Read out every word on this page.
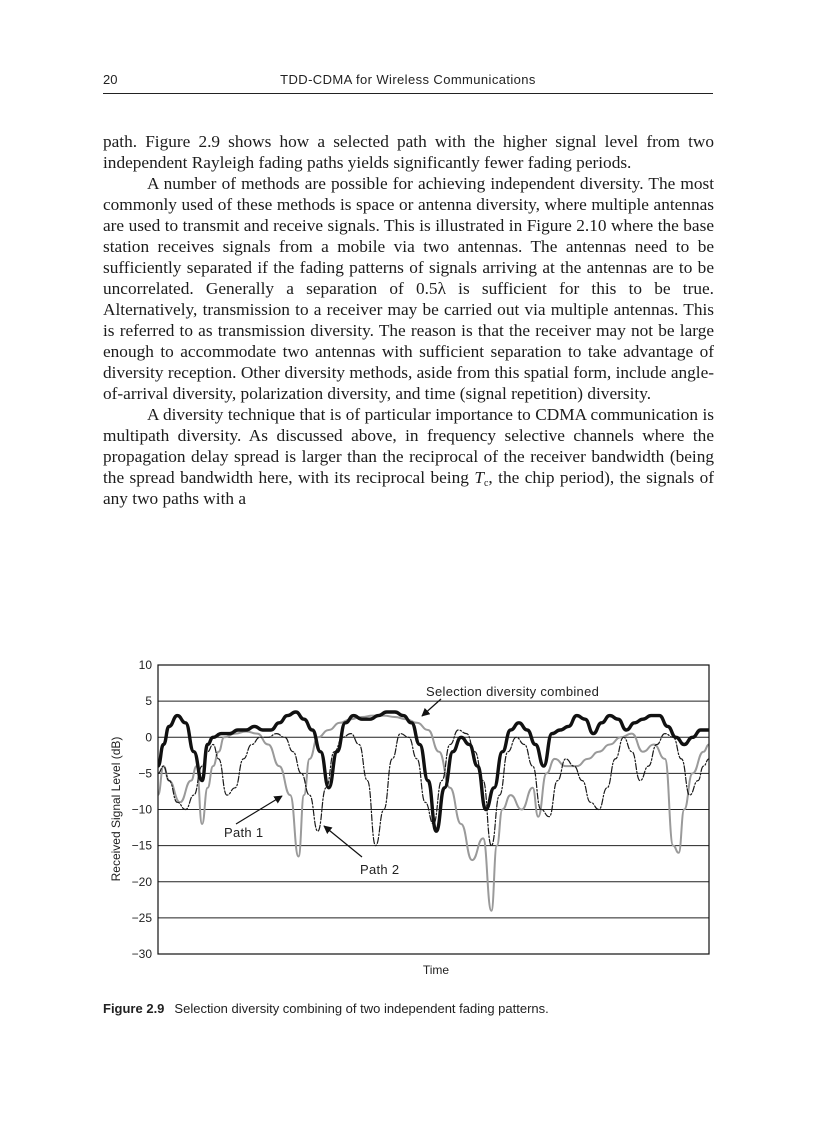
20	TDD-CDMA for Wireless Communications

path. Figure 2.9 shows how a selected path with the higher signal level from two independent Rayleigh fading paths yields significantly fewer fading periods.

A number of methods are possible for achieving independent diversity. The most commonly used of these methods is space or antenna diversity, where multiple antennas are used to transmit and receive signals. This is illustrated in Figure 2.10 where the base station receives signals from a mobile via two antennas. The antennas need to be sufficiently separated if the fading patterns of signals arriving at the antennas are to be uncorrelated. Generally a separation of 0.5λ is sufficient for this to be true. Alternatively, transmission to a receiver may be carried out via multiple antennas. This is referred to as transmission diversity. The reason is that the receiver may not be large enough to accommodate two antennas with sufficient separation to take advantage of diversity reception. Other diversity methods, aside from this spatial form, include angle-of-arrival diversity, polarization diversity, and time (signal repetition) diversity.

A diversity technique that is of particular importance to CDMA communication is multipath diversity. As discussed above, in frequency selective channels where the propagation delay spread is larger than the reciprocal of the receiver bandwidth (being the spread bandwidth here, with its reciprocal being $T_c$, the chip period), the signals of any two paths with a

10
5
0
−5
−10
−15
−20
−25
−30
Received Signal Level (dB)
Time
Selection diversity combined
Path 1
Path 2
Figure 2.9 Selection diversity combining of two independent fading patterns.
